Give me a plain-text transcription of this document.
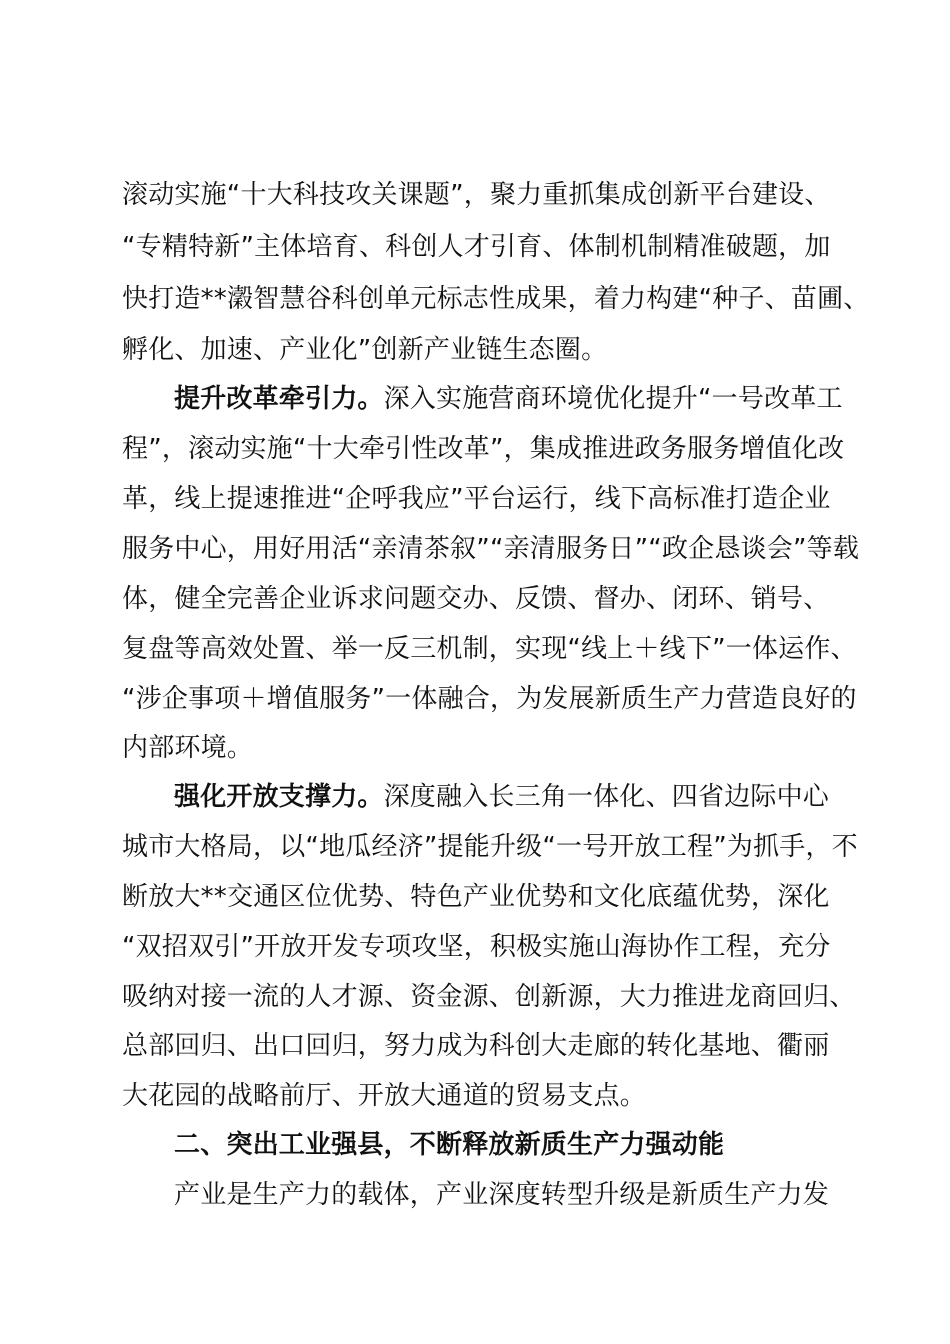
滚动实施“十大科技攻关课题”，聚力重抓集成创新平台建设、
“专精特新”主体培育、科创人才引育、体制机制精准破题，加
快打造**瀔智慧谷科创单元标志性成果，着力构建“种子、苗圃、
孵化、加速、产业化”创新产业链生态圈。
提升改革牵引力。深入实施营商环境优化提升“一号改革工
程”，滚动实施“十大牵引性改革”，集成推进政务服务增值化改
革，线上提速推进“企呼我应”平台运行，线下高标准打造企业
服务中心，用好用活“亲清茶叙”“亲清服务日”“政企恳谈会”等载
体，健全完善企业诉求问题交办、反馈、督办、闭环、销号、
复盘等高效处置、举一反三机制，实现“线上＋线下”一体运作、
“涉企事项＋增值服务”一体融合，为发展新质生产力营造良好的
内部环境。
强化开放支撑力。深度融入长三角一体化、四省边际中心
城市大格局，以“地瓜经济”提能升级“一号开放工程”为抓手，不
断放大**交通区位优势、特色产业优势和文化底蕴优势，深化
“双招双引”开放开发专项攻坚，积极实施山海协作工程，充分
吸纳对接一流的人才源、资金源、创新源，大力推进龙商回归、
总部回归、出口回归，努力成为科创大走廊的转化基地、衢丽
大花园的战略前厅、开放大通道的贸易支点。
二、突出工业强县，不断释放新质生产力强动能
产业是生产力的载体，产业深度转型升级是新质生产力发
